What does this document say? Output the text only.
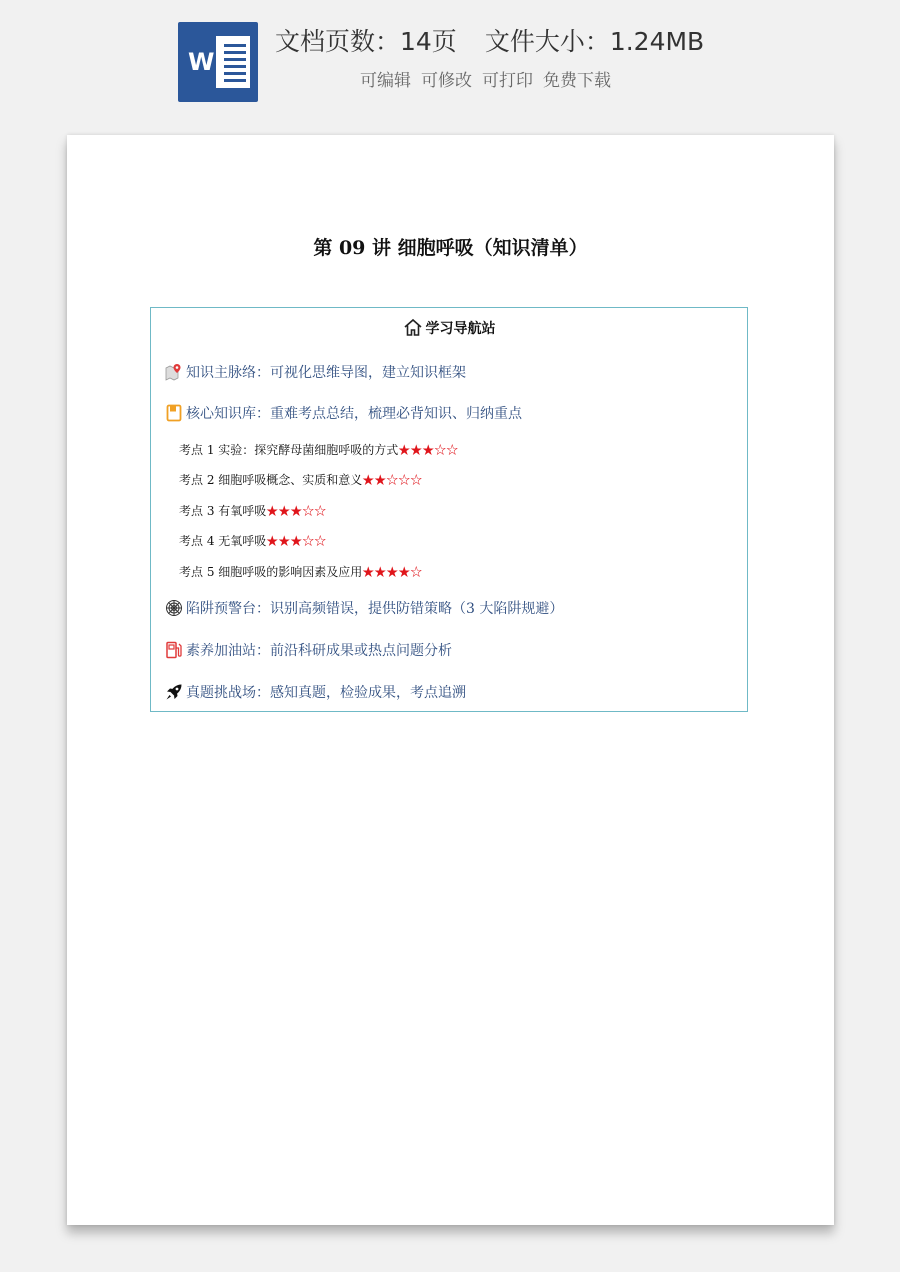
W
文档页数：14页 文件大小：1.24MB
可编辑 可修改 可打印 免费下载
第 09 讲 细胞呼吸（知识清单）
学习导航站
知识主脉络：可视化思维导图，建立知识框架
核心知识库：重难考点总结，梳理必背知识、归纳重点
考点 1 实验：探究酵母菌细胞呼吸的方式★★★☆☆
考点 2 细胞呼吸概念、实质和意义★★☆☆☆
考点 3 有氧呼吸★★★☆☆
考点 4 无氧呼吸★★★☆☆
考点 5 细胞呼吸的影响因素及应用★★★★☆
陷阱预警台：识别高频错误，提供防错策略（3 大陷阱规避）
素养加油站：前沿科研成果或热点问题分析
真题挑战场：感知真题，检验成果，考点追溯
